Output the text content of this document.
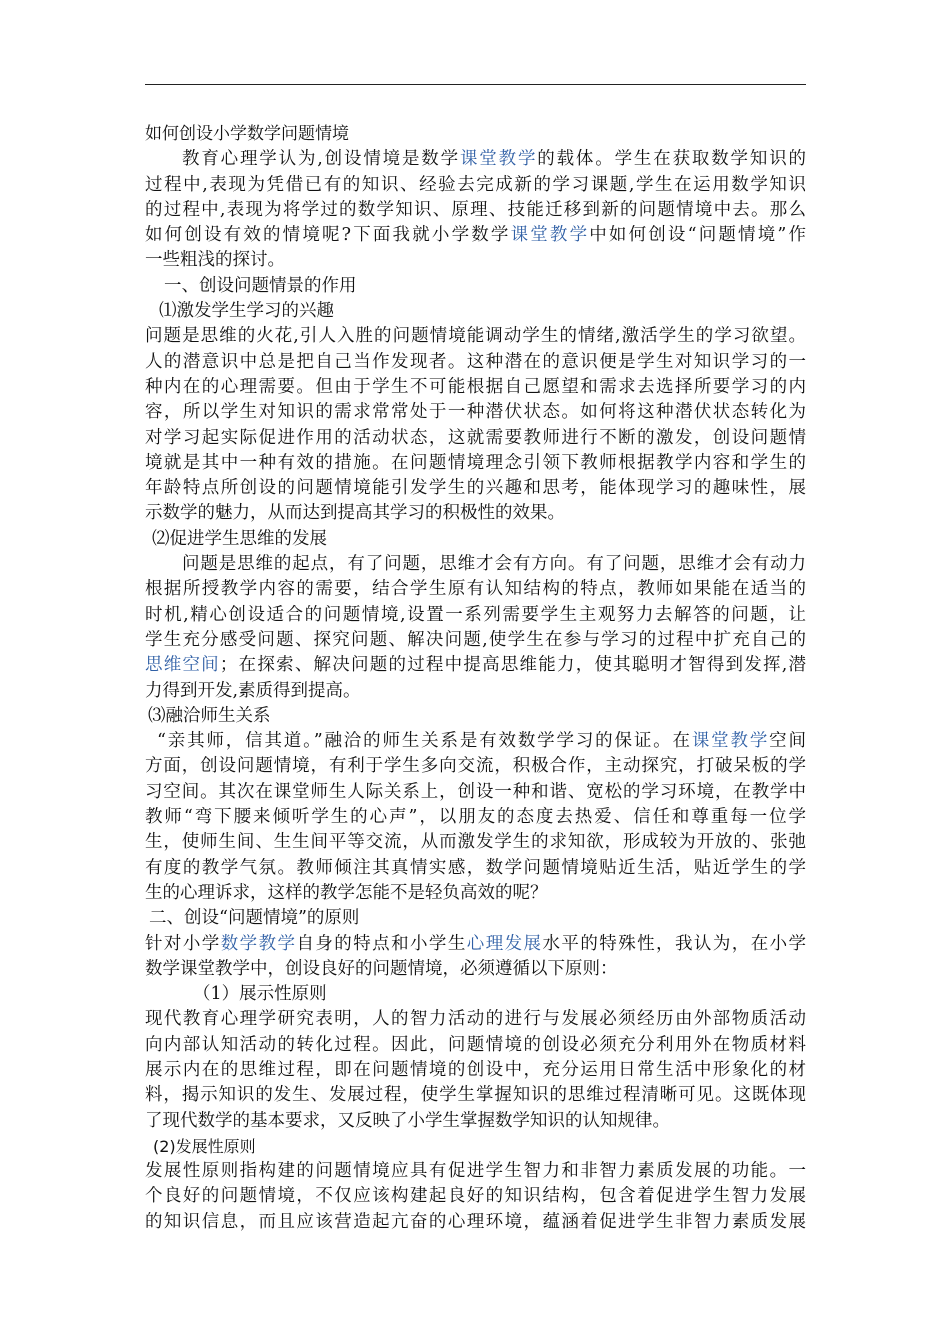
如何创设小学数学问题情境
教育心理学认为,创设情境是数学课堂教学的载体。学生在获取数学知识的
过程中,表现为凭借已有的知识、经验去完成新的学习课题,学生在运用数学知识
的过程中,表现为将学过的数学知识、原理、技能迁移到新的问题情境中去。那么
如何创设有效的情境呢?下面我就小学数学课堂教学中如何创设“问题情境”作
一些粗浅的探讨。
一、创设问题情景的作用
⑴激发学生学习的兴趣
问题是思维的火花,引人入胜的问题情境能调动学生的情绪,激活学生的学习欲望。
人的潜意识中总是把自己当作发现者。这种潜在的意识便是学生对知识学习的一
种内在的心理需要。但由于学生不可能根据自己愿望和需求去选择所要学习的内
容，所以学生对知识的需求常常处于一种潜伏状态。如何将这种潜伏状态转化为
对学习起实际促进作用的活动状态，这就需要教师进行不断的激发，创设问题情
境就是其中一种有效的措施。在问题情境理念引领下教师根据教学内容和学生的
年龄特点所创设的问题情境能引发学生的兴趣和思考，能体现学习的趣味性，展
示数学的魅力，从而达到提高其学习的积极性的效果。
⑵促进学生思维的发展
问题是思维的起点，有了问题，思维才会有方向。有了问题，思维才会有动力
根据所授教学内容的需要，结合学生原有认知结构的特点，教师如果能在适当的
时机,精心创设适合的问题情境,设置一系列需要学生主观努力去解答的问题，让
学生充分感受问题、探究问题、解决问题,使学生在参与学习的过程中扩充自己的
思维空间；在探索、解决问题的过程中提高思维能力，使其聪明才智得到发挥,潜
力得到开发,素质得到提高。
⑶融洽师生关系
“亲其师，信其道。”融洽的师生关系是有效数学学习的保证。在课堂教学空间
方面，创设问题情境，有利于学生多向交流，积极合作，主动探究，打破呆板的学
习空间。其次在课堂师生人际关系上，创设一种和谐、宽松的学习环境，在教学中
教师“弯下腰来倾听学生的心声”，以朋友的态度去热爱、信任和尊重每一位学
生，使师生间、生生间平等交流，从而激发学生的求知欲，形成较为开放的、张弛
有度的教学气氛。教师倾注其真情实感，数学问题情境贴近生活，贴近学生的学
生的心理诉求，这样的教学怎能不是轻负高效的呢？
二、创设“问题情境”的原则
针对小学数学教学自身的特点和小学生心理发展水平的特殊性，我认为，在小学
数学课堂教学中，创设良好的问题情境，必须遵循以下原则：
（1）展示性原则
现代教育心理学研究表明，人的智力活动的进行与发展必须经历由外部物质活动
向内部认知活动的转化过程。因此，问题情境的创设必须充分利用外在物质材料
展示内在的思维过程，即在问题情境的创设中，充分运用日常生活中形象化的材
料，揭示知识的发生、发展过程，使学生掌握知识的思维过程清晰可见。这既体现
了现代数学的基本要求，又反映了小学生掌握数学知识的认知规律。
(2)发展性原则
发展性原则指构建的问题情境应具有促进学生智力和非智力素质发展的功能。一
个良好的问题情境，不仅应该构建起良好的知识结构，包含着促进学生智力发展
的知识信息，而且应该营造起亢奋的心理环境，蕴涵着促进学生非智力素质发展
